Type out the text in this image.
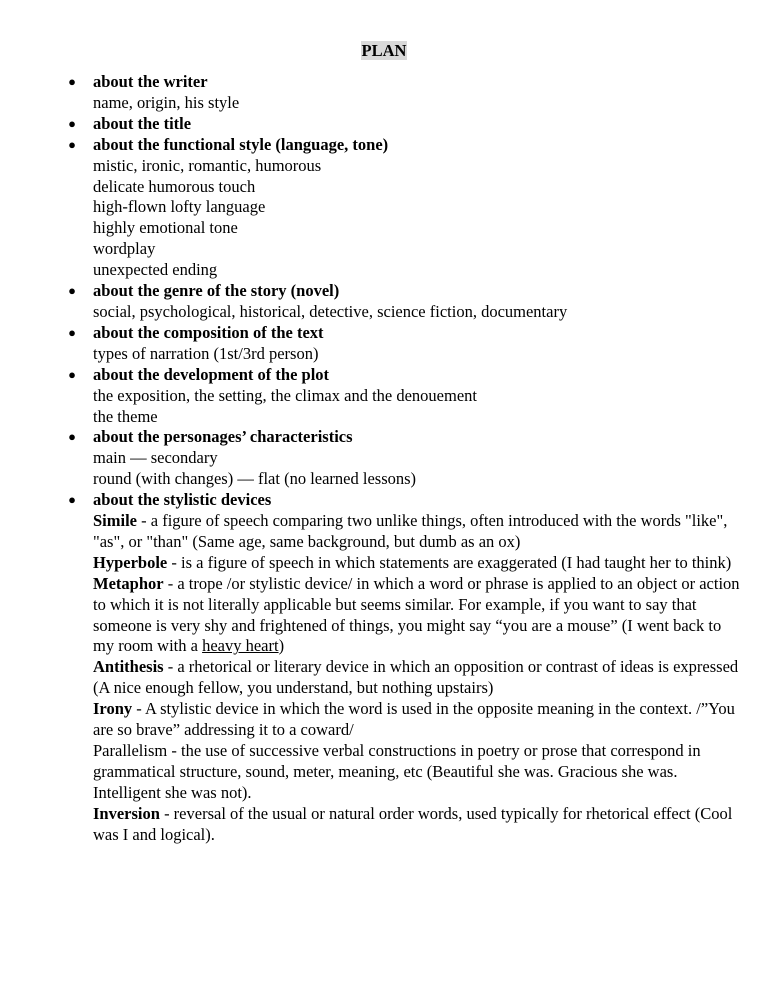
PLAN
● about the writer
name, origin, his style
● about the title
● about the functional style (language, tone)
mistic, ironic, romantic, humorous
delicate humorous touch
high-flown lofty language
highly emotional tone
wordplay
unexpected ending
● about the genre of the story (novel)
social, psychological, historical, detective, science fiction, documentary
● about the composition of the text
types of narration (1st/3rd person)
● about the development of the plot
the exposition, the setting, the climax and the denouement
the theme
● about the personages’ characteristics
main — secondary
round (with changes) — flat (no learned lessons)
● about the stylistic devices
Simile - a figure of speech comparing two unlike things, often introduced with the words "like", "as", or "than" (Same age, same background, but dumb as an ox)
Hyperbole - is a figure of speech in which statements are exaggerated (I had taught her to think)
Metaphor - a trope /or stylistic device/ in which a word or phrase is applied to an object or action to which it is not literally applicable but seems similar. For example, if you want to say that someone is very shy and frightened of things, you might say “you are a mouse” (I went back to my room with a heavy heart)
Antithesis - a rhetorical or literary device in which an opposition or contrast of ideas is expressed (A nice enough fellow, you understand, but nothing upstairs)
Irony - A stylistic device in which the word is used in the opposite meaning in the context. /”You are so brave” addressing it to a coward/
Parallelism - the use of successive verbal constructions in poetry or prose that correspond in grammatical structure, sound, meter, meaning, etc (Beautiful she was. Gracious she was. Intelligent she was not).
Inversion - reversal of the usual or natural order words, used typically for rhetorical effect (Cool was I and logical).
